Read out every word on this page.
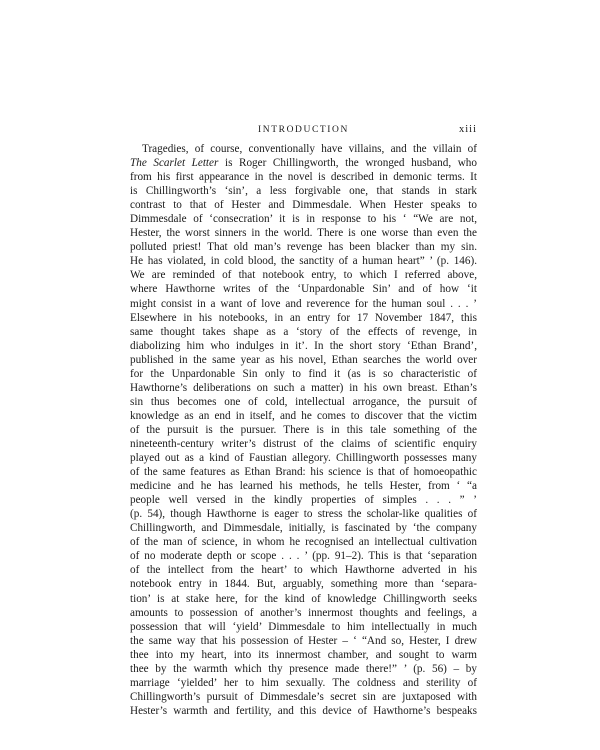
INTRODUCTION	xiii
Tragedies, of course, conventionally have villains, and the villain of
The Scarlet Letter is Roger Chillingworth, the wronged husband, who
from his first appearance in the novel is described in demonic terms. It
is Chillingworth’s ‘sin’, a less forgivable one, that stands in stark
contrast to that of Hester and Dimmesdale. When Hester speaks to
Dimmesdale of ‘consecration’ it is in response to his ‘ “We are not,
Hester, the worst sinners in the world. There is one worse than even the
polluted priest! That old man’s revenge has been blacker than my sin.
He has violated, in cold blood, the sanctity of a human heart” ’ (p. 146).
We are reminded of that notebook entry, to which I referred above,
where Hawthorne writes of the ‘Unpardonable Sin’ and of how ‘it
might consist in a want of love and reverence for the human soul . . . ’
Elsewhere in his notebooks, in an entry for 17 November 1847, this
same thought takes shape as a ‘story of the effects of revenge, in
diabolizing him who indulges in it’. In the short story ‘Ethan Brand’,
published in the same year as his novel, Ethan searches the world over
for the Unpardonable Sin only to find it (as is so characteristic of
Hawthorne’s deliberations on such a matter) in his own breast. Ethan’s
sin thus becomes one of cold, intellectual arrogance, the pursuit of
knowledge as an end in itself, and he comes to discover that the victim
of the pursuit is the pursuer. There is in this tale something of the
nineteenth-century writer’s distrust of the claims of scientific enquiry
played out as a kind of Faustian allegory. Chillingworth possesses many
of the same features as Ethan Brand: his science is that of homoeopathic
medicine and he has learned his methods, he tells Hester, from ‘ “a
people well versed in the kindly properties of simples . . . ” ’
(p. 54), though Hawthorne is eager to stress the scholar-like qualities of
Chillingworth, and Dimmesdale, initially, is fascinated by ‘the company
of the man of science, in whom he recognised an intellectual cultivation
of no moderate depth or scope . . . ’ (pp. 91–2). This is that ‘separation
of the intellect from the heart’ to which Hawthorne adverted in his
notebook entry in 1844. But, arguably, something more than ‘separa-
tion’ is at stake here, for the kind of knowledge Chillingworth seeks
amounts to possession of another’s innermost thoughts and feelings, a
possession that will ‘yield’ Dimmesdale to him intellectually in much
the same way that his possession of Hester – ‘ “And so, Hester, I drew
thee into my heart, into its innermost chamber, and sought to warm
thee by the warmth which thy presence made there!” ’ (p. 56) – by
marriage ‘yielded’ her to him sexually. The coldness and sterility of
Chillingworth’s pursuit of Dimmesdale’s secret sin are juxtaposed with
Hester’s warmth and fertility, and this device of Hawthorne’s bespeaks
